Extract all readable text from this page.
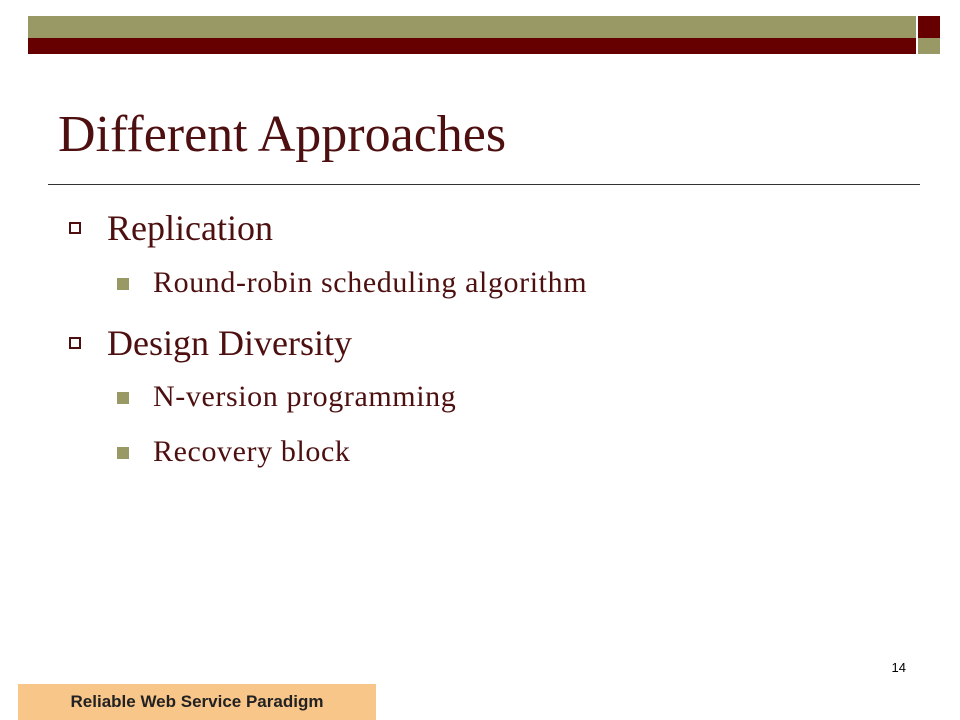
Different Approaches
Replication
Round-robin scheduling algorithm
Design Diversity
N-version programming
Recovery block
14
Reliable Web Service Paradigm
